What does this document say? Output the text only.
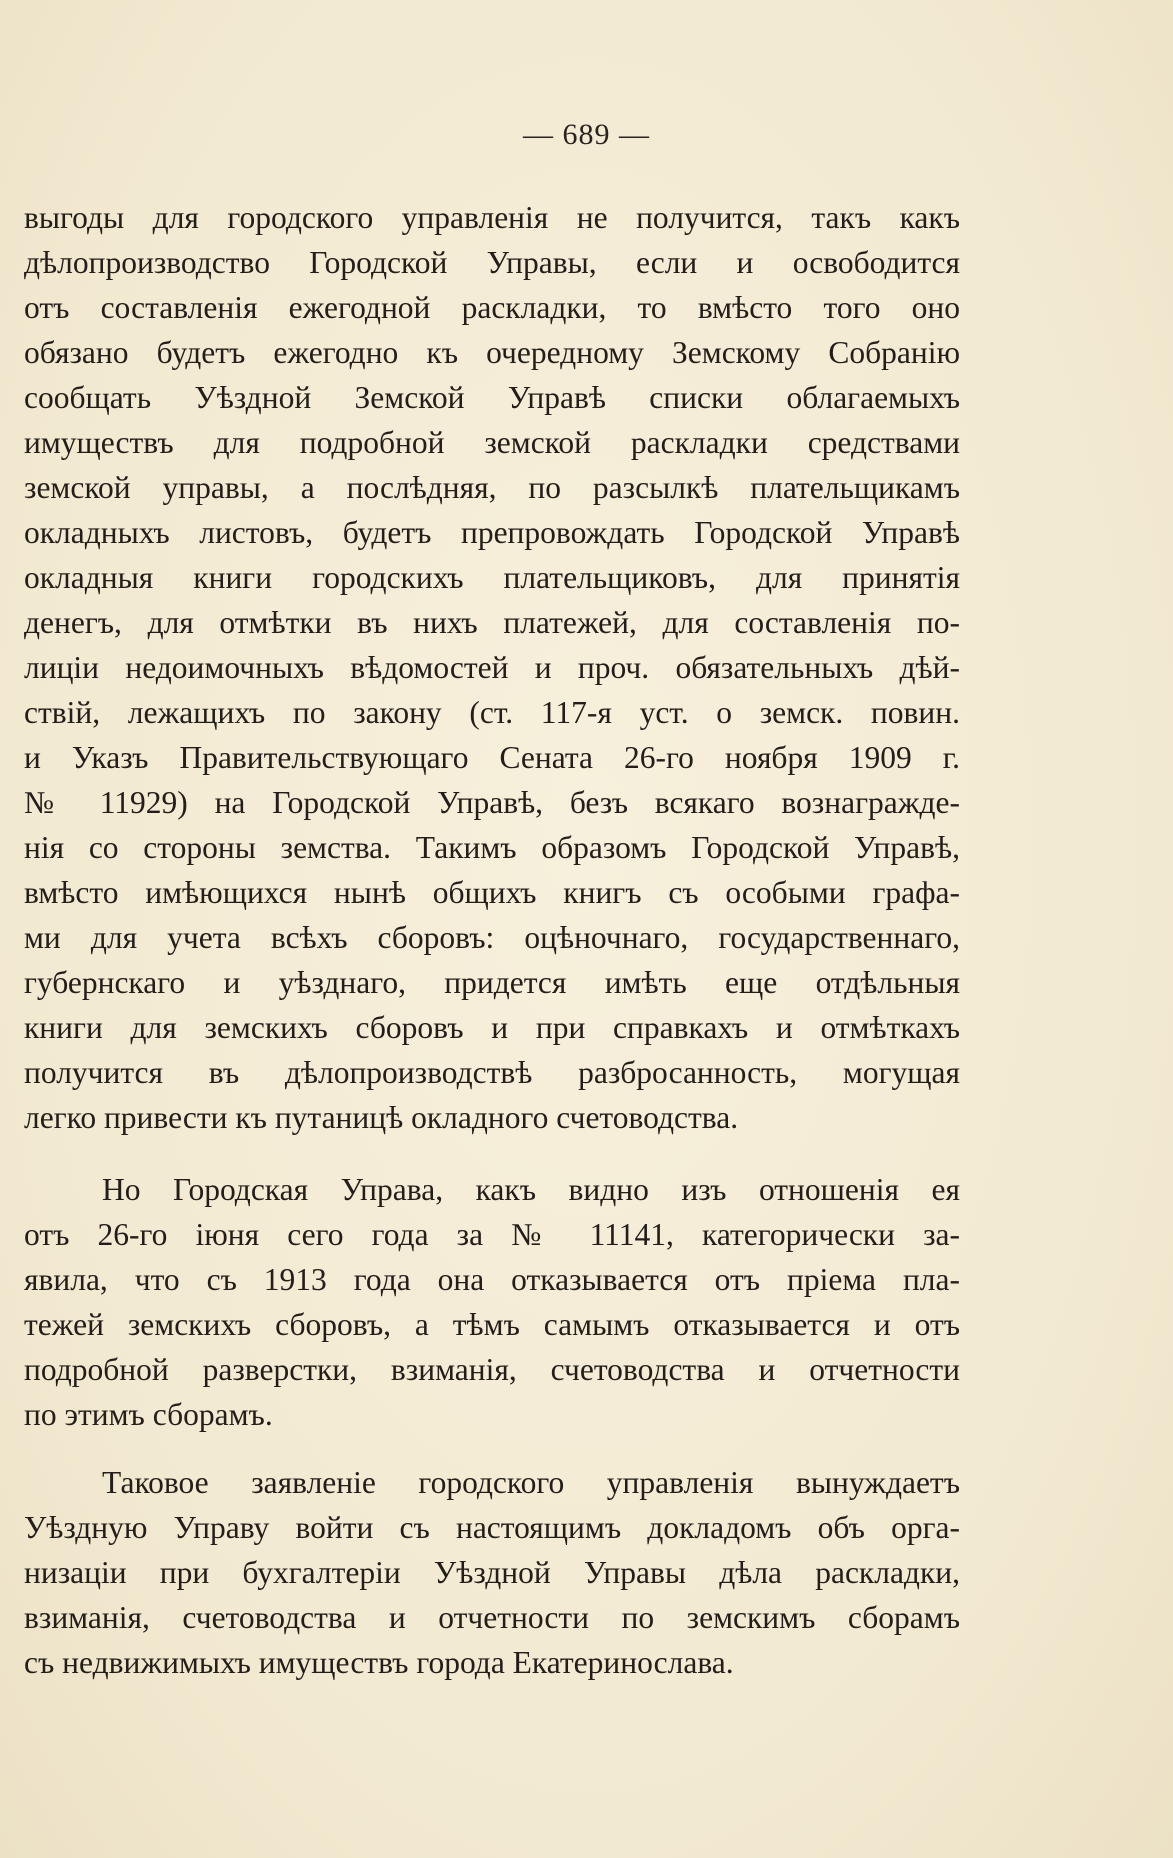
— 689 —
выгоды для городского управленія не получится, такъ какъ
дѣлопроизводство Городской Управы, если и освободится
отъ составленія ежегодной раскладки, то вмѣсто того оно
обязано будетъ ежегодно къ очередному Земскому Собранію
сообщать Уѣздной Земской Управѣ списки облагаемыхъ
имуществъ для подробной земской раскладки средствами
земской управы, а послѣдняя, по разсылкѣ плательщикамъ
окладныхъ листовъ, будетъ препровождать Городской Управѣ
окладныя книги городскихъ плательщиковъ, для принятія
денегъ, для отмѣтки въ нихъ платежей, для составленія по-
лиціи недоимочныхъ вѣдомостей и проч. обязательныхъ дѣй-
ствій, лежащихъ по закону (ст. 117-я уст. о земск. повин.
и Указъ Правительствующаго Сената 26-го ноября 1909 г.
№ 11929) на Городской Управѣ, безъ всякаго вознагражде-
нія со стороны земства. Такимъ образомъ Городской Управѣ,
вмѣсто имѣющихся нынѣ общихъ книгъ съ особыми графа-
ми для учета всѣхъ сборовъ: оцѣночнаго, государственнаго,
губернскаго и уѣзднаго, придется имѣть еще отдѣльныя
книги для земскихъ сборовъ и при справкахъ и отмѣткахъ
получится въ дѣлопроизводствѣ разбросанность, могущая
легко привести къ путаницѣ окладного счетоводства.
Но Городская Управа, какъ видно изъ отношенія ея
отъ 26-го іюня сего года за № 11141, категорически за-
явила, что съ 1913 года она отказывается отъ пріема пла-
тежей земскихъ сборовъ, а тѣмъ самымъ отказывается и отъ
подробной разверстки, взиманія, счетоводства и отчетности
по этимъ сборамъ.
Таковое заявленіе городского управленія вынуждаетъ
Уѣздную Управу войти съ настоящимъ докладомъ объ орга-
низаціи при бухгалтеріи Уѣздной Управы дѣла раскладки,
взиманія, счетоводства и отчетности по земскимъ сборамъ
съ недвижимыхъ имуществъ города Екатеринослава.
